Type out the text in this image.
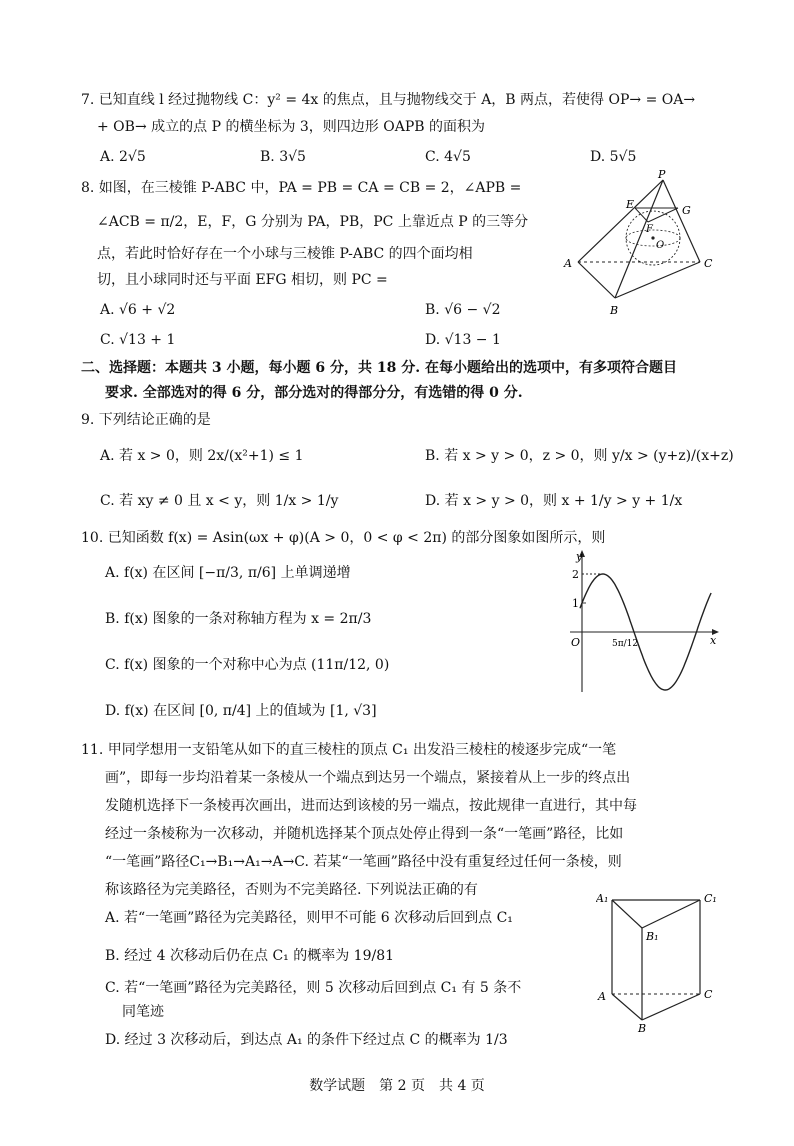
7. 已知直线 l 经过抛物线 C：y² = 4x 的焦点，且与抛物线交于 A，B 两点，若使得 OP→ = OA→
+ OB→ 成立的点 P 的横坐标为 3，则四边形 OAPB 的面积为
A. 2√5	B. 3√5	C. 4√5	D. 5√5
8. 如图，在三棱锥 P-ABC 中，PA = PB = CA = CB = 2，∠APB =
∠ACB = π/2，E，F，G 分别为 PA，PB，PC 上靠近点 P 的三等分
点，若此时恰好存在一个小球与三棱锥 P-ABC 的四个面均相
切，且小球同时还与平面 EFG 相切，则 PC =
A. √6 + √2	B. √6 − √2
C. √13 + 1	D. √13 − 1
P
E
F
G
O
A
B
C
二、选择题：本题共 3 小题，每小题 6 分，共 18 分. 在每小题给出的选项中，有多项符合题目
要求. 全部选对的得 6 分，部分选对的得部分分，有选错的得 0 分.
9. 下列结论正确的是
A. 若 x > 0，则 2x/(x²+1) ≤ 1	B. 若 x > y > 0，z > 0，则 y/x > (y+z)/(x+z)
C. 若 xy ≠ 0 且 x < y，则 1/x > 1/y	D. 若 x > y > 0，则 x + 1/y > y + 1/x
10. 已知函数 f(x) = Asin(ωx + φ)(A > 0，0 < φ < 2π) 的部分图象如图所示，则
A. f(x) 在区间 [−π/3, π/6] 上单调递增
B. f(x) 图象的一条对称轴方程为 x = 2π/3
C. f(x) 图象的一个对称中心为点 (11π/12, 0)
D. f(x) 在区间 [0, π/4] 上的值域为 [1, √3]
y
2
1
O	5π/12	x
11. 甲同学想用一支铅笔从如下的直三棱柱的顶点 C₁ 出发沿三棱柱的棱逐步完成“一笔
画”，即每一步均沿着某一条棱从一个端点到达另一个端点，紧接着从上一步的终点出
发随机选择下一条棱再次画出，进而达到该棱的另一端点，按此规律一直进行，其中每
经过一条棱称为一次移动，并随机选择某个顶点处停止得到一条“一笔画”路径，比如
“一笔画”路径C₁→B₁→A₁→A→C. 若某“一笔画”路径中没有重复经过任何一条棱，则
称该路径为完美路径，否则为不完美路径. 下列说法正确的有
A. 若“一笔画”路径为完美路径，则甲不可能 6 次移动后回到点 C₁
B. 经过 4 次移动后仍在点 C₁ 的概率为 19/81
C. 若“一笔画”路径为完美路径，则 5 次移动后回到点 C₁ 有 5 条不
同笔迹
D. 经过 3 次移动后，到达点 A₁ 的条件下经过点 C 的概率为 1/3
A₁	C₁
B₁
A
B
C
数学试题　第 2 页　共 4 页
